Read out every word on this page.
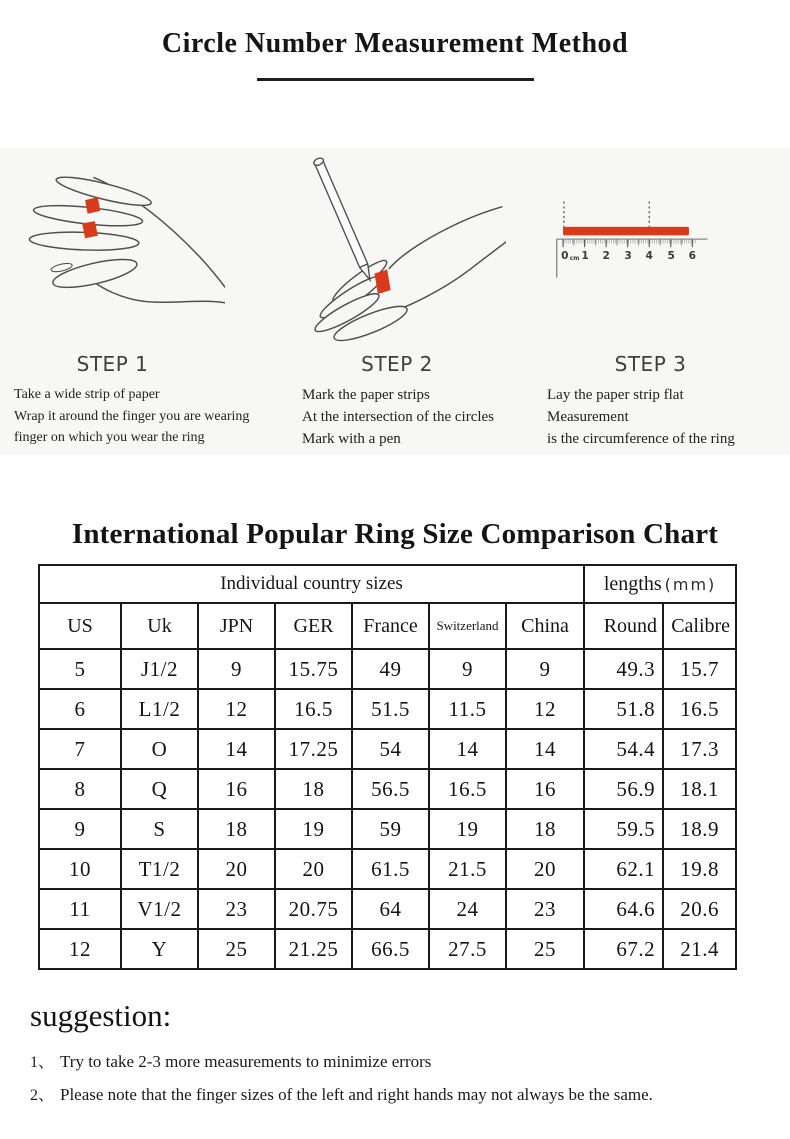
Circle Number Measurement Method
STEP 1
Take a wide strip of paper
Wrap it around the finger you are wearing
finger on which you wear the ring
STEP 2
Mark the paper strips
At the intersection of the circles
Mark with a pen
0 cm 1 2 3 4 5 6
STEP 3
Lay the paper strip flat
Measurement
is the circumference of the ring
International Popular Ring Size Comparison Chart
Individual country sizes							lengths (mm)	
US	Uk	JPN	GER	France	Switzerland	China	Round	Calibre
5	J1/2	9	15.75	49	9	9	49.3	15.7
6	L1/2	12	16.5	51.5	11.5	12	51.8	16.5
7	O	14	17.25	54	14	14	54.4	17.3
8	Q	16	18	56.5	16.5	16	56.9	18.1
9	S	18	19	59	19	18	59.5	18.9
10	T1/2	20	20	61.5	21.5	20	62.1	19.8
11	V1/2	23	20.75	64	24	23	64.6	20.6
12	Y	25	21.25	66.5	27.5	25	67.2	21.4
suggestion:
1、 Try to take 2-3 more measurements to minimize errors
2、 Please note that the finger sizes of the left and right hands may not always be the same.
